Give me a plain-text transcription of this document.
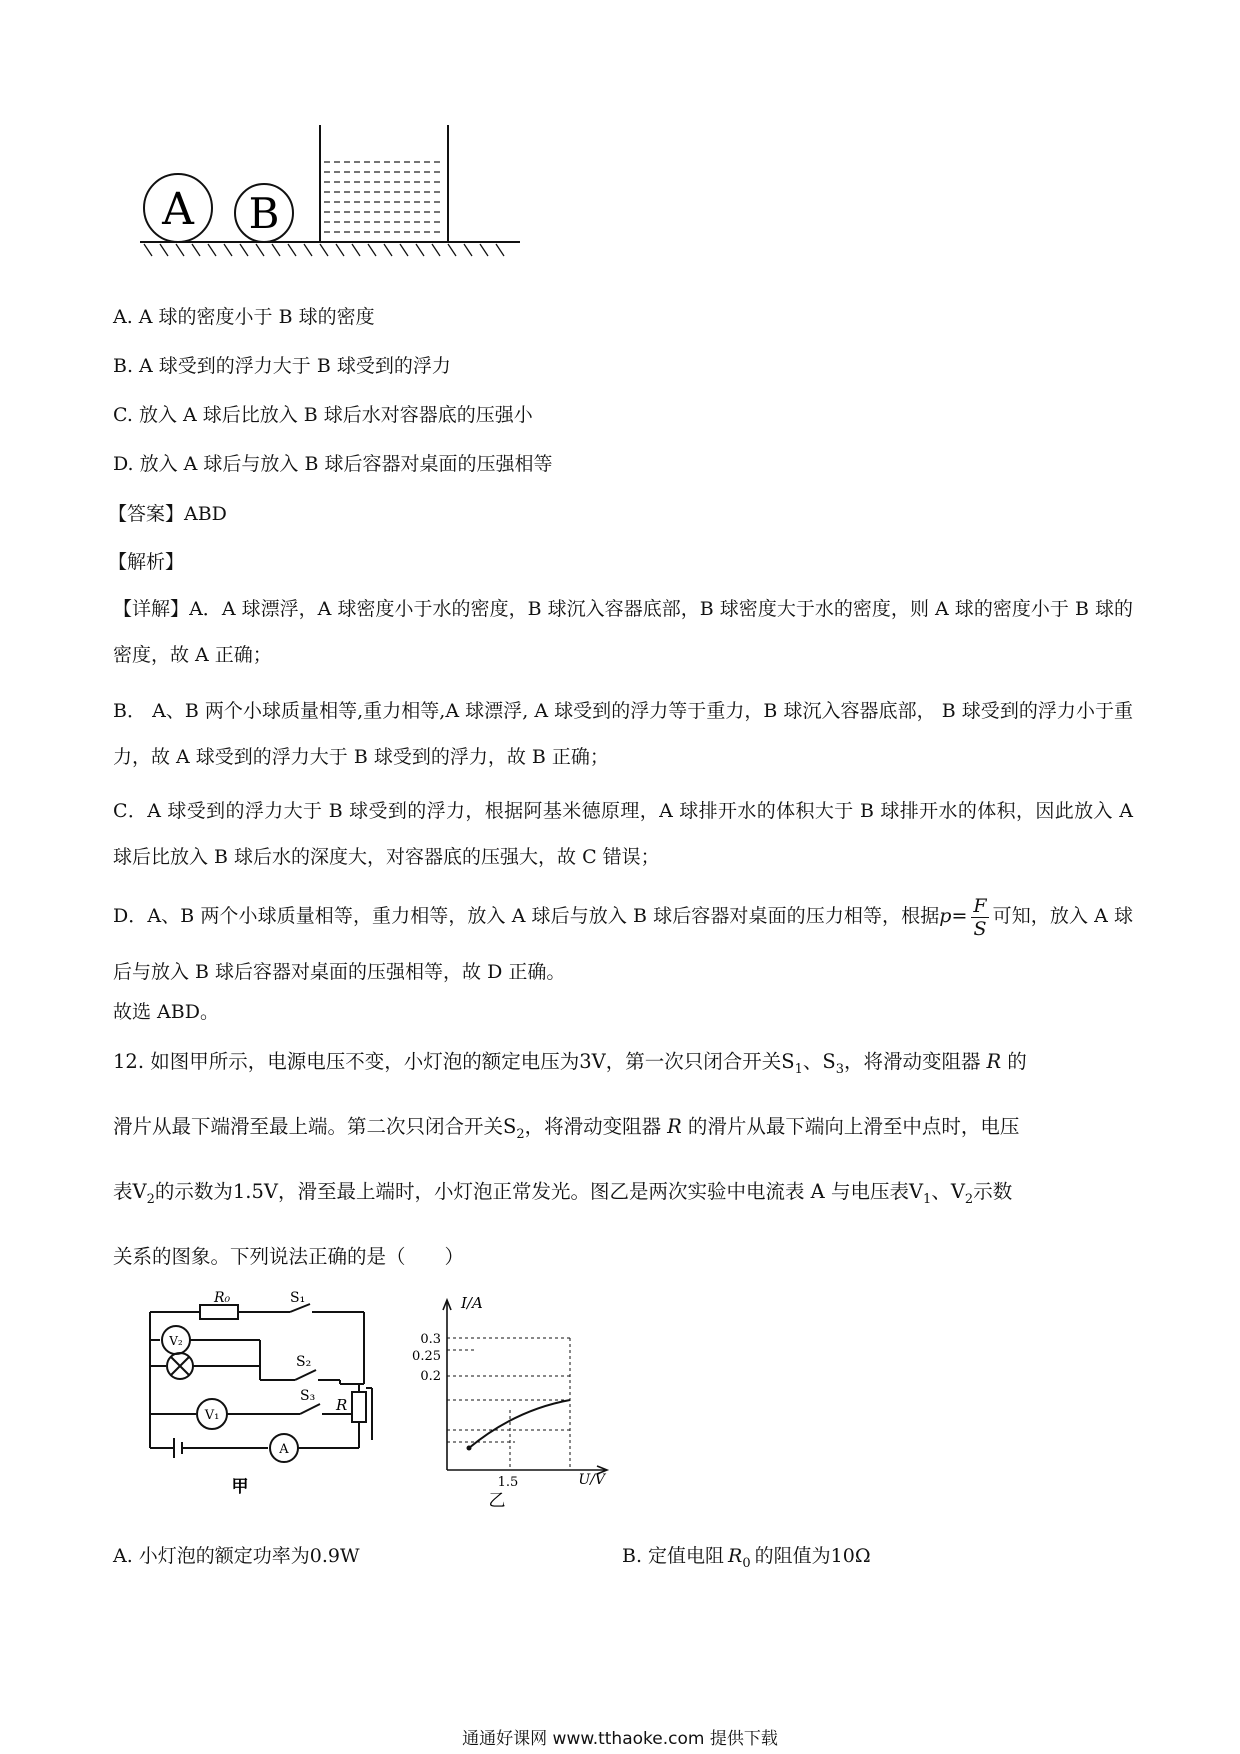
A B
A. A 球的密度小于 B 球的密度
B. A 球受到的浮力大于 B 球受到的浮力
C. 放入 A 球后比放入 B 球后水对容器底的压强小
D. 放入 A 球后与放入 B 球后容器对桌面的压强相等
【答案】ABD
【解析】
【详解】A．A 球漂浮，A 球密度小于水的密度，B 球沉入容器底部，B 球密度大于水的密度，则 A 球的密度小于 B 球的密度，故 A 正确；
B． A、B 两个小球质量相等,重力相等,A 球漂浮, A 球受到的浮力等于重力，B 球沉入容器底部， B 球受到的浮力小于重力，故 A 球受到的浮力大于 B 球受到的浮力，故 B 正确；
C．A 球受到的浮力大于 B 球受到的浮力，根据阿基米德原理，A 球排开水的体积大于 B 球排开水的体积，因此放入 A 球后比放入 B 球后水的深度大，对容器底的压强大，故 C 错误；
D．A、B 两个小球质量相等，重力相等，放入 A 球后与放入 B 球后容器对桌面的压力相等，根据$p= \frac{F}{S}$ 可知，放入 A 球后与放入 B 球后容器对桌面的压强相等，故 D 正确。
故选 ABD。
12. 如图甲所示，电源电压不变，小灯泡的额定电压为3V，第一次只闭合开关$S_1$、$S_3$，将滑动变阻器 R 的
滑片从最下端滑至最上端。第二次只闭合开关$S_2$，将滑动变阻器 R 的滑片从最下端向上滑至中点时，电压
表$V_2$的示数为1.5V，滑至最上端时，小灯泡正常发光。图乙是两次实验中电流表 A 与电压表$V_1$、$V_2$示数
关系的图象。下列说法正确的是（　　）
R₀	S₁
S₂
S₃ R
V₂
V₁
A
甲
I/A
U/V
0.3
0.25
0.2
1.5
乙
A. 小灯泡的额定功率为0.9W	B. 定值电阻 $R_0$ 的阻值为10Ω
通通好课网 www.tthaoke.com 提供下载
